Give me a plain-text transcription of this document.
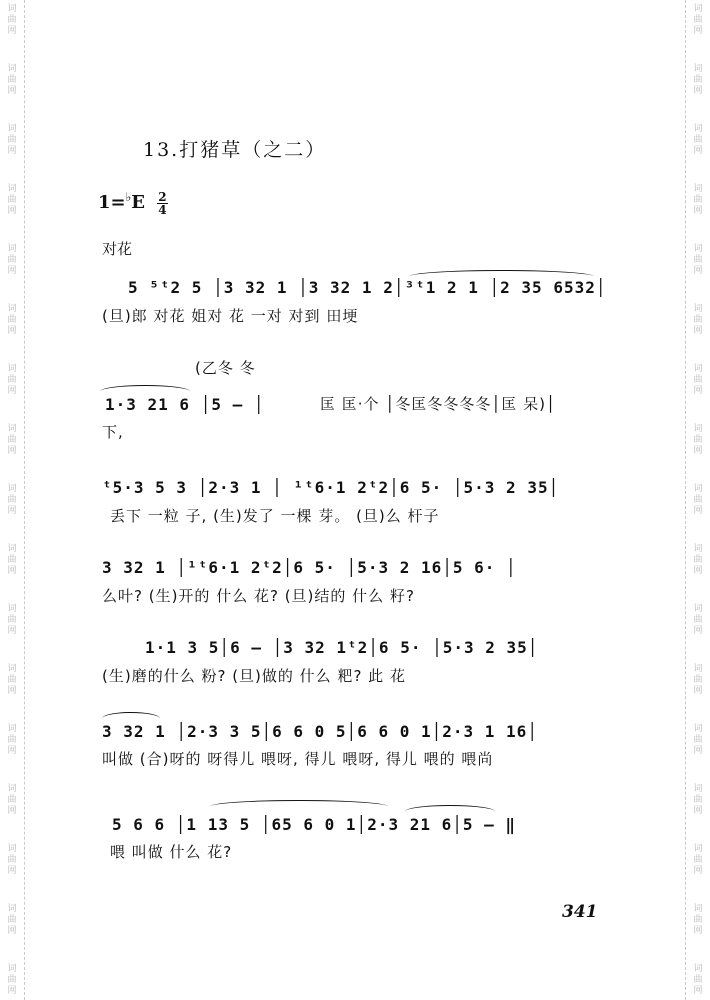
词
曲
网
词
曲
网
词
曲
网
词
曲
网
词
曲
网
词
曲
网
词
曲
网
词
曲
网
词
曲
网
词
曲
网
词
曲
网
词
曲
网
词
曲
网
词
曲
网
词
曲
网
词
曲
网
词
曲
网
词
曲
网
词
曲
网
词
曲
网
词
曲
网
词
曲
网
词
曲
网
词
曲
网
词
曲
网
词
曲
网
词
曲
网
词
曲
网
词
曲
网
词
曲
网
词
曲
网
词
曲
网
词
曲
网
词
曲
网
13.打猪草（之二）
$1=^♭E \frac{2}{4}$
对花
5 ⁵ᵗ2 5 │3 32 1 │3 32 1 2│³ᵗ1 2 1 │2 35 6532│
(旦)郎 对花 姐对 花 一对 对到 田埂
(乙冬 冬
1·3 21 6 │5 — │	匡 匡·个 │冬匡冬冬冬冬│匡 呆)│
下,
ᵗ5·3 5 3 │2·3 1 │ ¹ᵗ6·1 2ᵗ2│6 5· │5·3 2 35│
丢下 一粒 子, (生)发了 一棵 芽。 (旦)么 杆子
3 32 1 │¹ᵗ6·1 2ᵗ2│6 5· │5·3 2 16│5 6· │
么叶? (生)开的 什么 花? (旦)结的 什么 籽?
1·1 3 5│6 — │3 32 1ᵗ2│6 5· │5·3 2 35│
(生)磨的什么 粉? (旦)做的 什么 粑? 此 花
3 32 1 │2·3 3 5│6 6 0 5│6 6 0 1│2·3 1 16│
叫做 (合)呀的 呀得儿 喂呀, 得儿 喂呀, 得儿 喂的 喂尚
5 6 6 │1 13 5 │65 6 0 1│2·3 21 6│5 — ‖
喂 叫做 什么 花?
341
